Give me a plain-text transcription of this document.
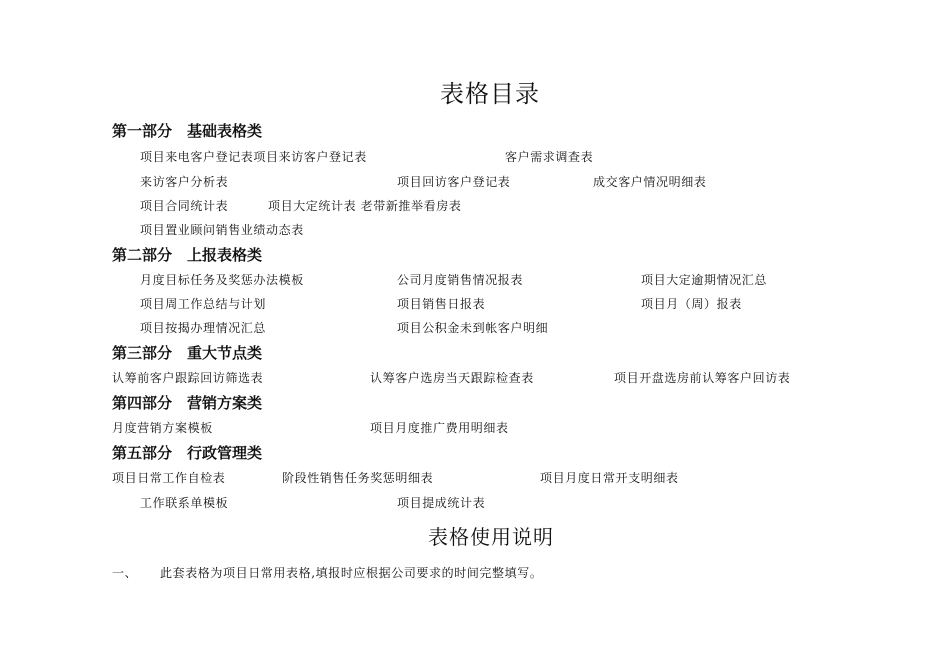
表格目录
第一部分　基础表格类
项目来电客户登记表项目来访客户登记表	客户需求调查表
来访客户分析表	项目回访客户登记表	成交客户情况明细表
项目合同统计表	项目大定统计表 老带新推举看房表
项目置业顾问销售业绩动态表
第二部分　上报表格类
月度目标任务及奖惩办法模板	公司月度销售情况报表	项目大定逾期情况汇总
项目周工作总结与计划	项目销售日报表	项目月（周）报表
项目按揭办理情况汇总	项目公积金未到帐客户明细
第三部分　重大节点类
认筹前客户跟踪回访筛选表	认筹客户选房当天跟踪检查表	项目开盘选房前认筹客户回访表
第四部分　营销方案类
月度营销方案模板	项目月度推广费用明细表
第五部分　行政管理类
项目日常工作自检表	阶段性销售任务奖惩明细表	项目月度日常开支明细表
工作联系单模板	项目提成统计表
表格使用说明
一、 此套表格为项目日常用表格,填报时应根据公司要求的时间完整填写。
